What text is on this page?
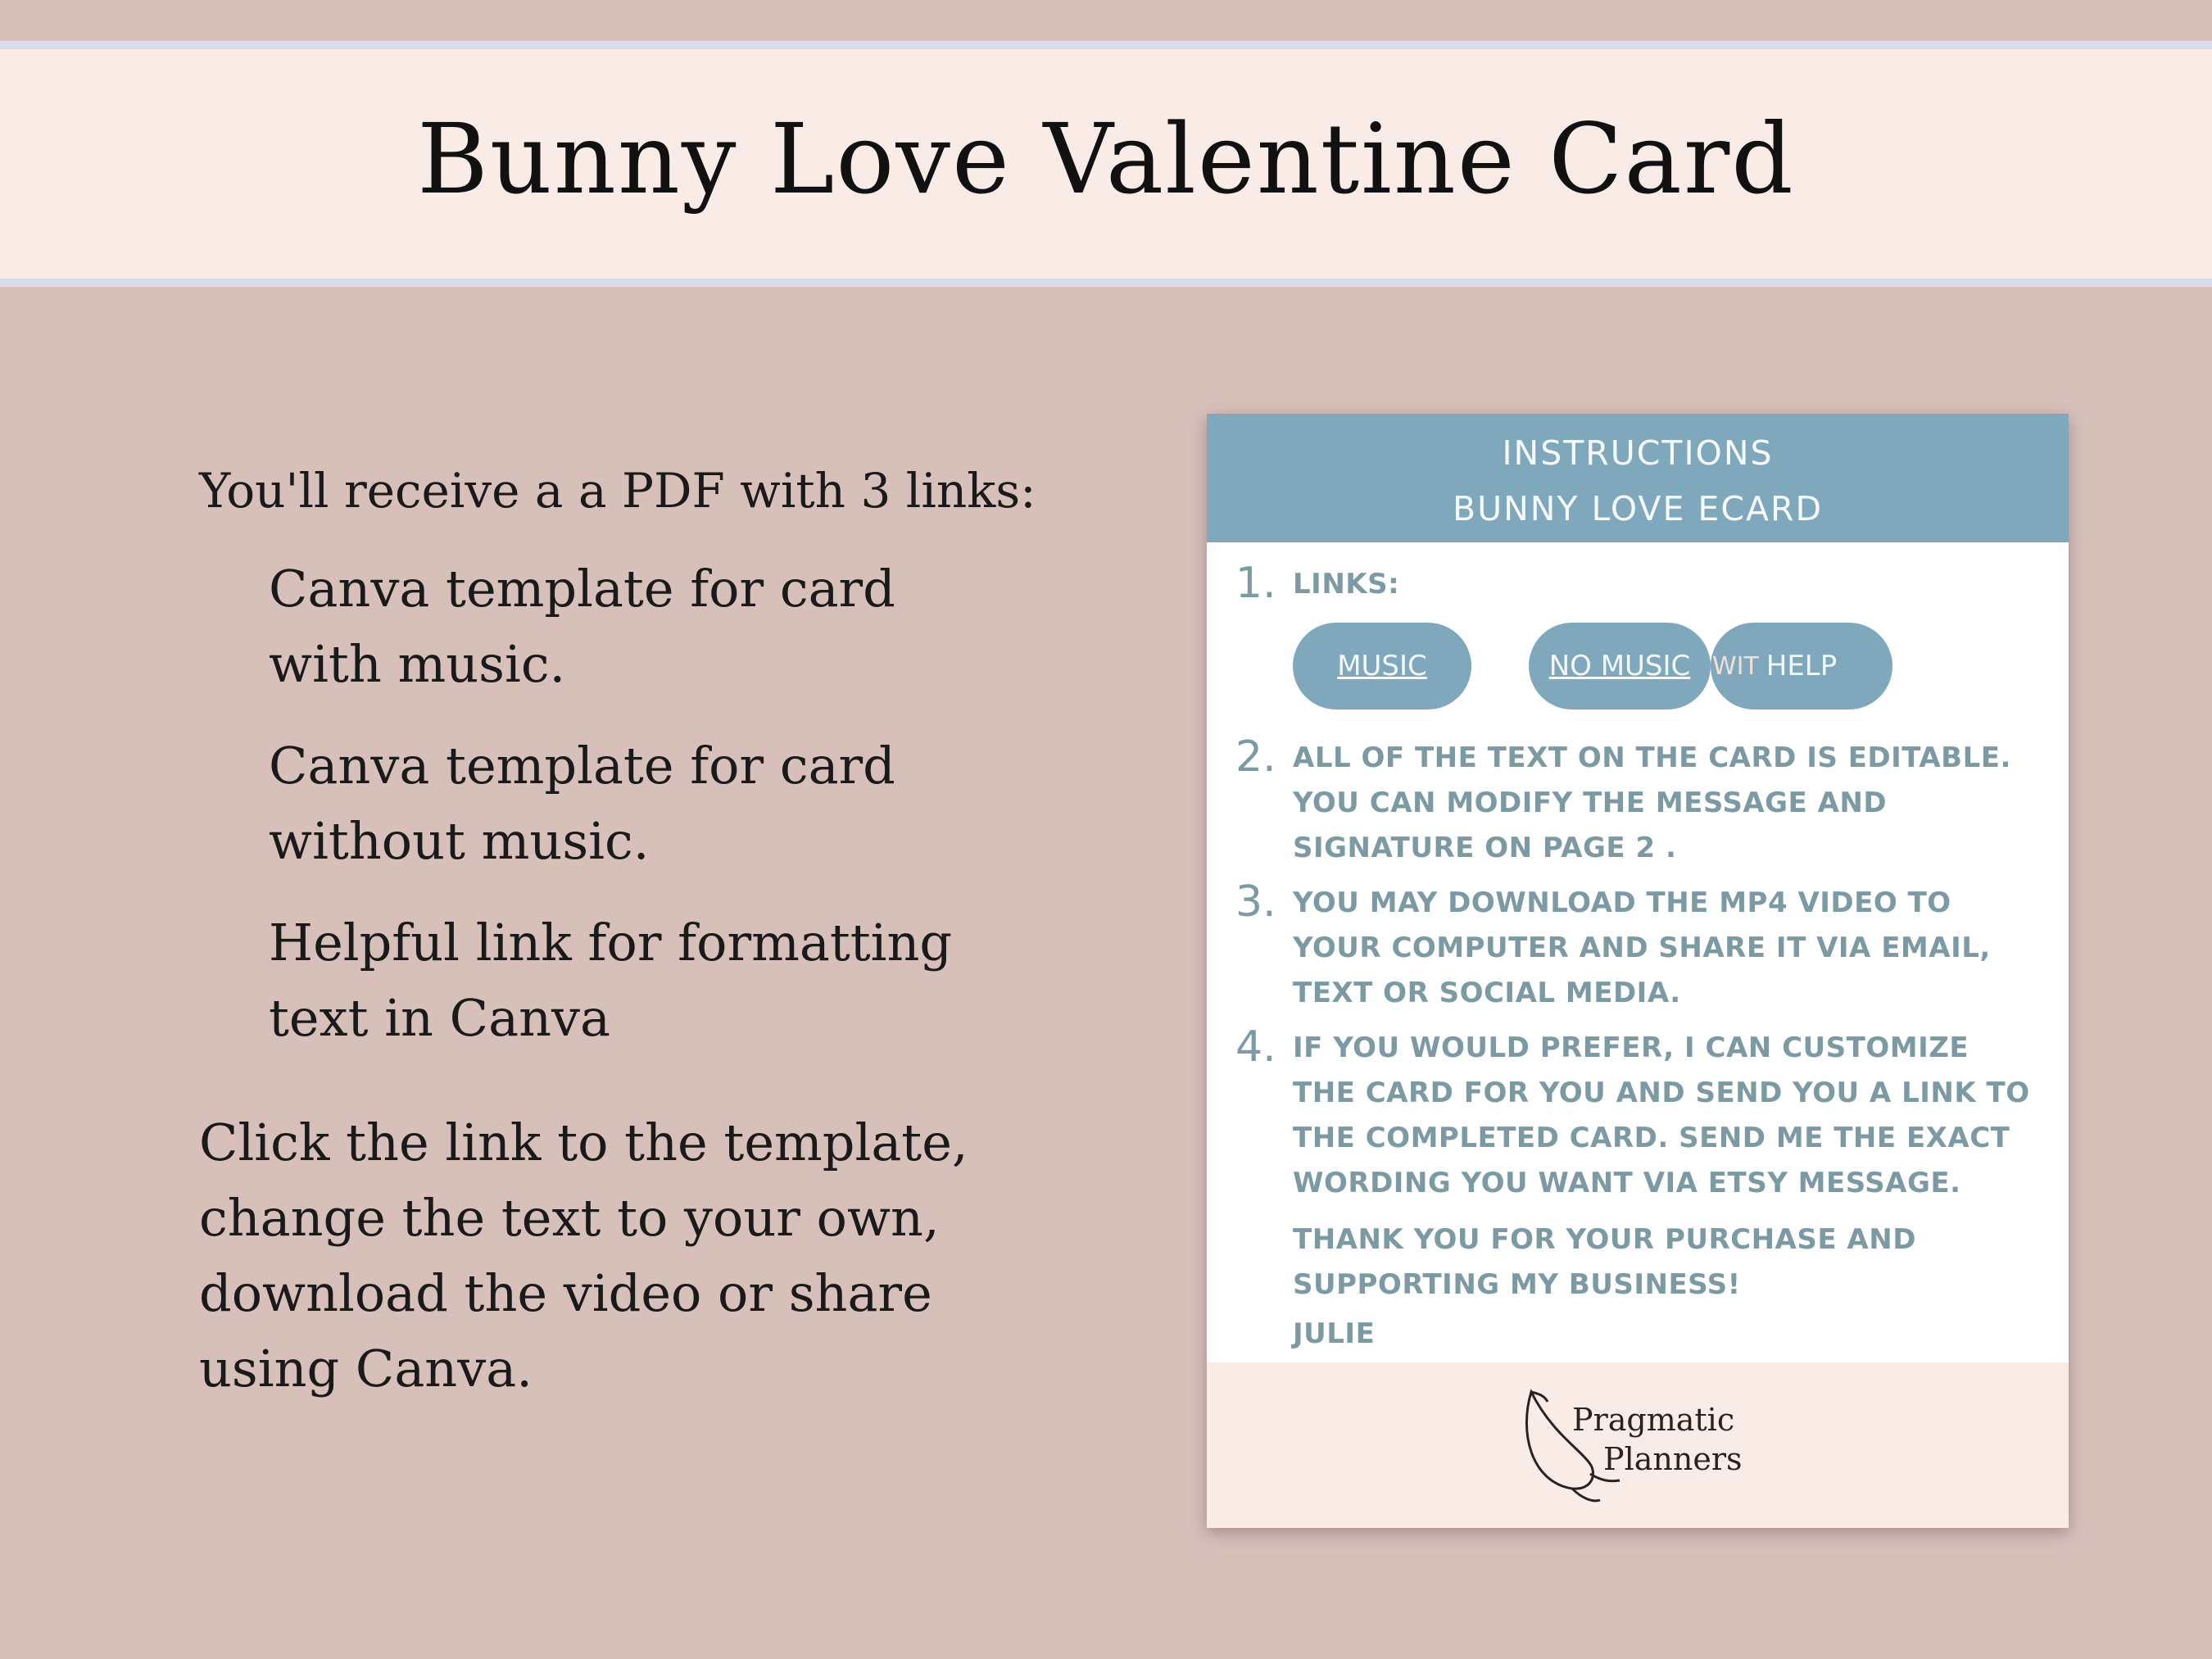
Bunny Love Valentine Card

You'll receive a a PDF with 3 links:

Canva template for card with music.
Canva template for card without music.
Helpful link for formatting text in Canva

Click the link to the template, change the text to your own, download the video or share using Canva.

INSTRUCTIONS
BUNNY LOVE ECARD
1. LINKS:
MUSIC	NO MUSIC	HELP
2. ALL OF THE TEXT ON THE CARD IS EDITABLE. YOU CAN MODIFY THE MESSAGE AND SIGNATURE ON PAGE 2 .
3. YOU MAY DOWNLOAD THE MP4 VIDEO TO YOUR COMPUTER AND SHARE IT VIA EMAIL, TEXT OR SOCIAL MEDIA.
4. IF YOU WOULD PREFER, I CAN CUSTOMIZE THE CARD FOR YOU AND SEND YOU A LINK TO THE COMPLETED CARD. SEND ME THE EXACT WORDING YOU WANT VIA ETSY MESSAGE.
THANK YOU FOR YOUR PURCHASE AND SUPPORTING MY BUSINESS!
JULIE
Pragmatic
Planners
